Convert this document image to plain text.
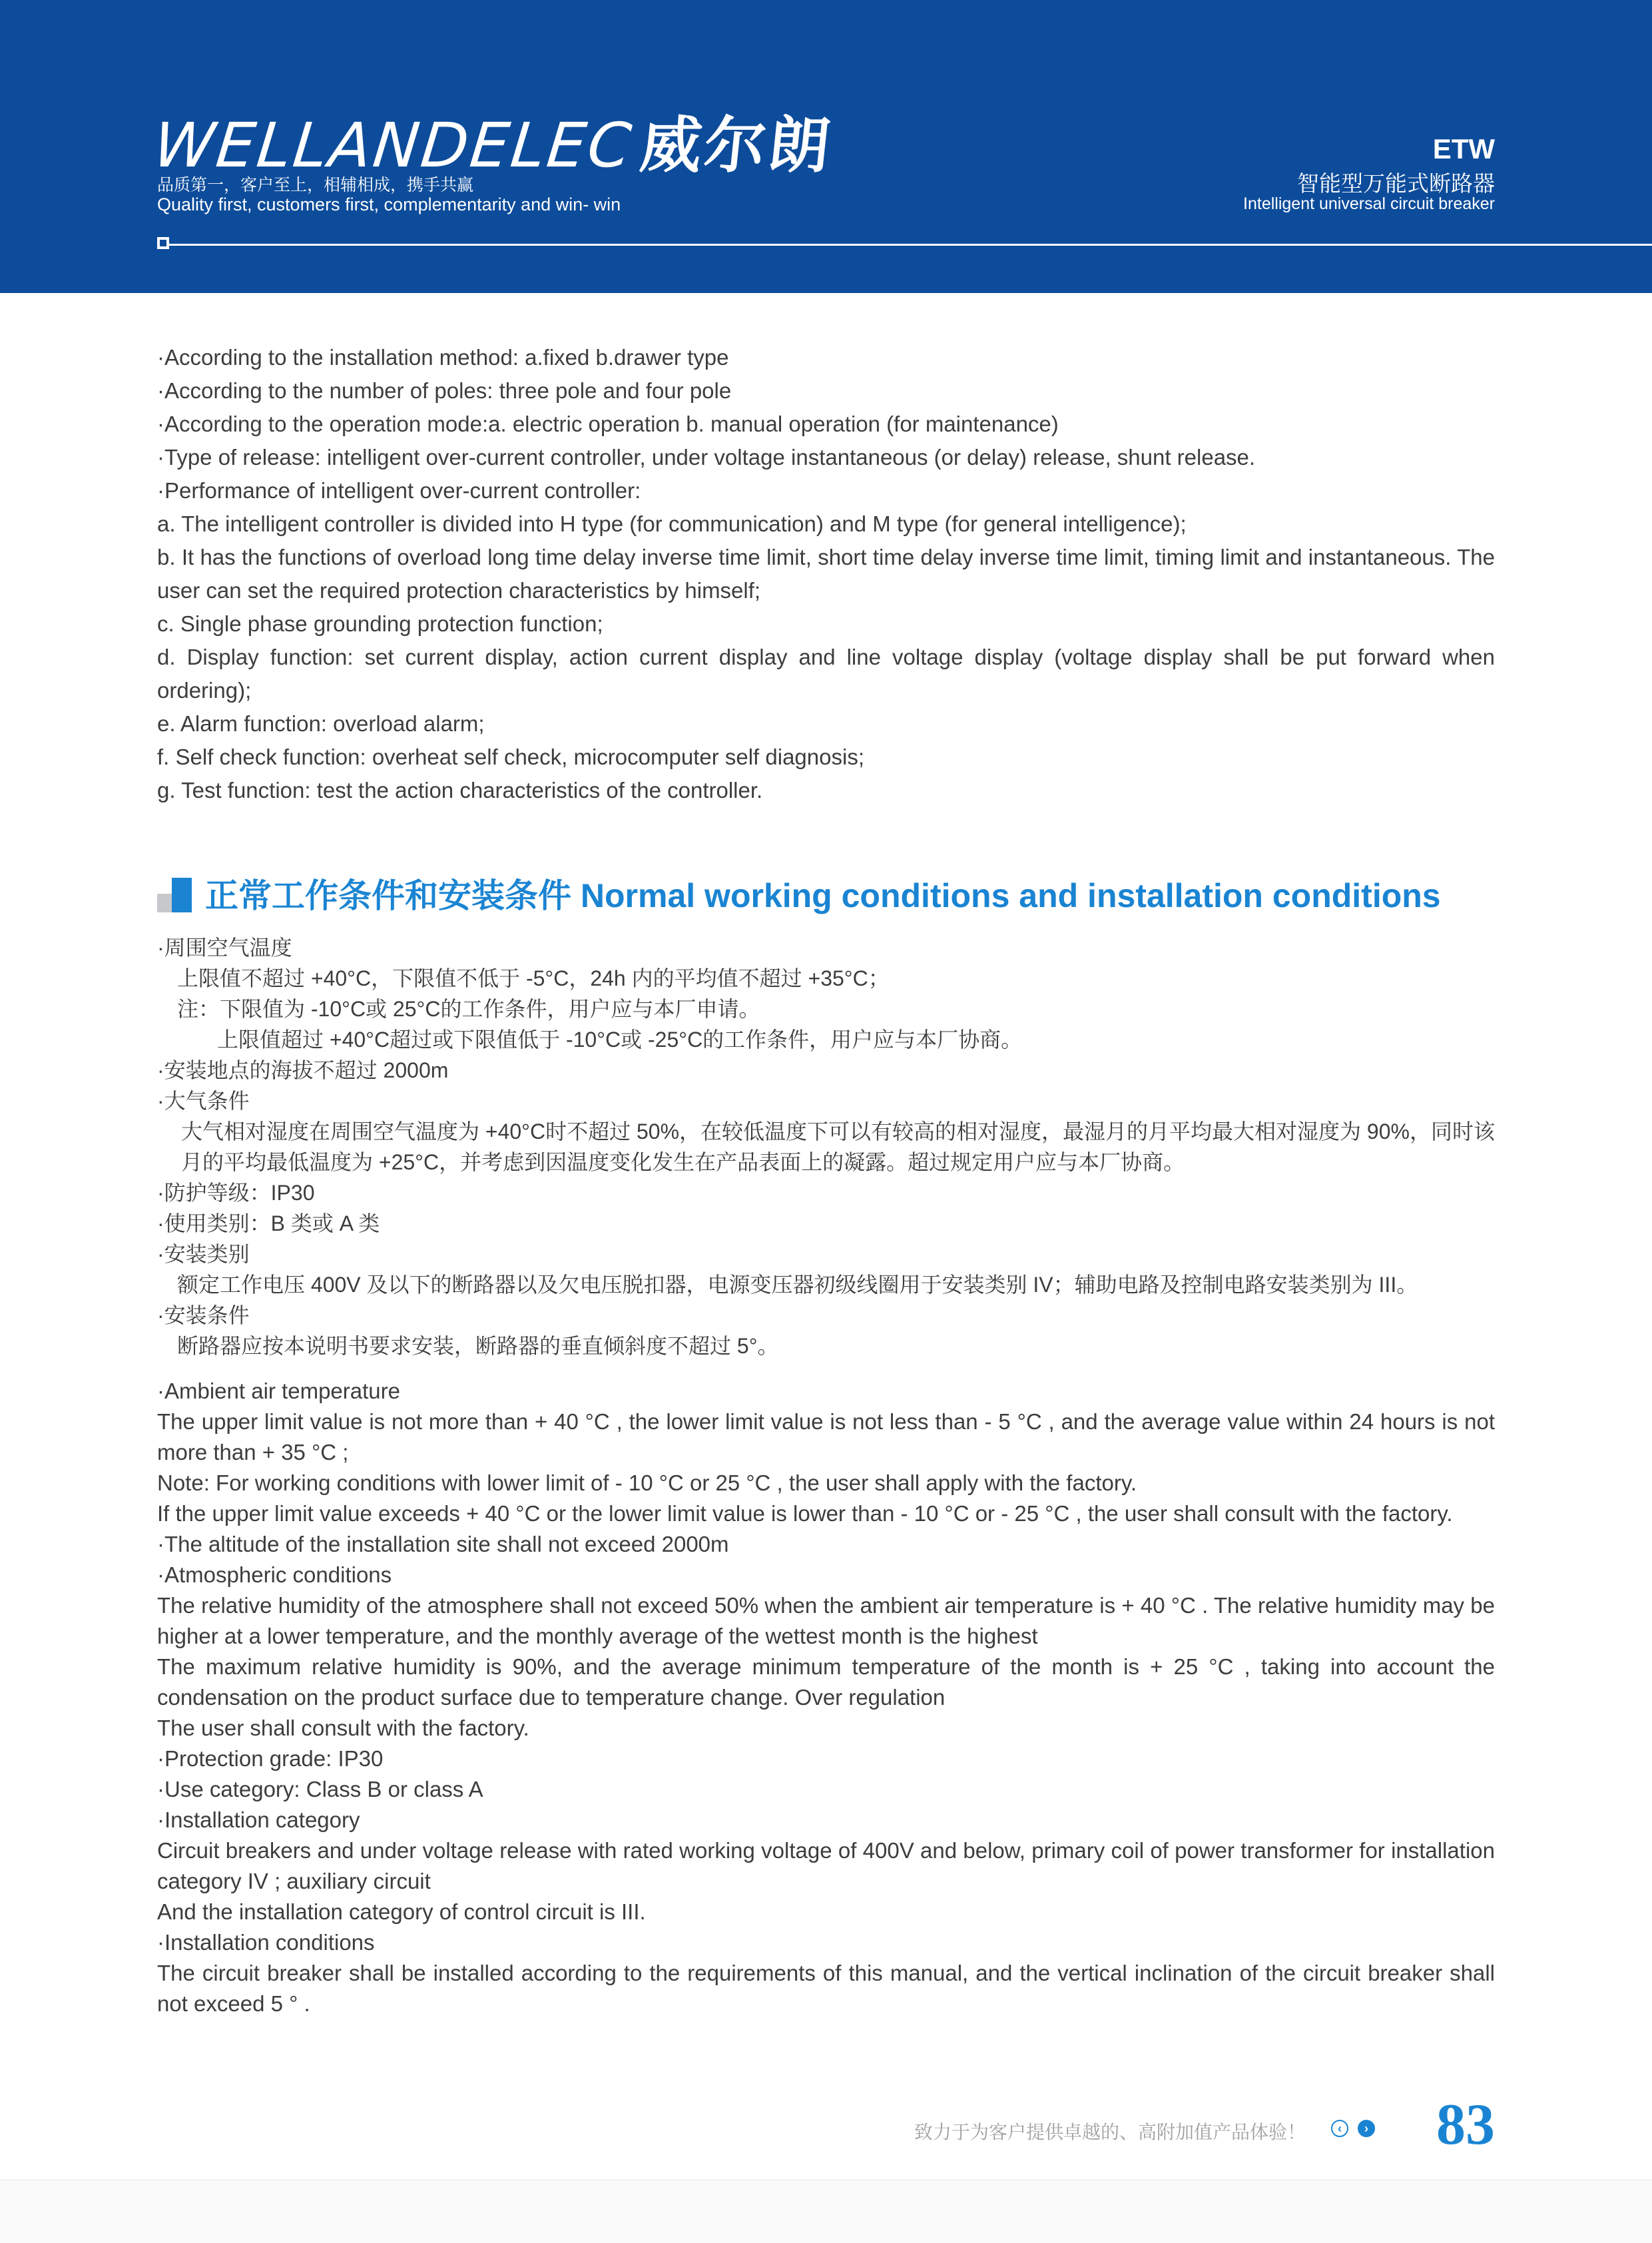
WELLANDELEC威尔朗
品质第一，客户至上，相辅相成，携手共赢
Quality first, customers first, complementarity and win- win
ETW
智能型万能式断路器
Intelligent universal circuit breaker
·According to the installation method: a.fixed b.drawer type
·According to the number of poles: three pole and four pole
·According to the operation mode:a. electric operation b. manual operation (for maintenance)
·Type of release: intelligent over-current controller, under voltage instantaneous (or delay) release, shunt release.
·Performance of intelligent over-current controller:
a. The intelligent controller is divided into H type (for communication) and M type (for general intelligence);
b. It has the functions of overload long time delay inverse time limit, short time delay inverse time limit, timing limit and instantaneous. The user can set the required protection characteristics by himself;
c. Single phase grounding protection function;
d. Display function: set current display, action current display and line voltage display (voltage display shall be put forward when ordering);
e. Alarm function: overload alarm;
f. Self check function: overheat self check, microcomputer self diagnosis;
g. Test function: test the action characteristics of the controller.
正常工作条件和安装条件 Normal working conditions and installation conditions
·周围空气温度
上限值不超过 +40°C，下限值不低于 -5°C，24h 内的平均值不超过 +35°C；
注：下限值为 -10°C或 25°C的工作条件，用户应与本厂申请。
上限值超过 +40°C超过或下限值低于 -10°C或 -25°C的工作条件，用户应与本厂协商。
·安装地点的海拔不超过 2000m
·大气条件
大气相对湿度在周围空气温度为 +40°C时不超过 50%，在较低温度下可以有较高的相对湿度，最湿月的月平均最大相对湿度为 90%，同时该月的平均最低温度为 +25°C，并考虑到因温度变化发生在产品表面上的凝露。超过规定用户应与本厂协商。
·防护等级：IP30
·使用类别：B 类或 A 类
·安装类别
额定工作电压 400V 及以下的断路器以及欠电压脱扣器，电源变压器初级线圈用于安装类别 IV；辅助电路及控制电路安装类别为 III。
·安装条件
断路器应按本说明书要求安装，断路器的垂直倾斜度不超过 5°。
·Ambient air temperature
The upper limit value is not more than + 40 °C , the lower limit value is not less than - 5 °C , and the average value within 24 hours is not more than + 35 °C ;
Note: For working conditions with lower limit of - 10 °C or 25 °C , the user shall apply with the factory.
If the upper limit value exceeds + 40 °C or the lower limit value is lower than - 10 °C or - 25 °C , the user shall consult with the factory.
·The altitude of the installation site shall not exceed 2000m
·Atmospheric conditions
The relative humidity of the atmosphere shall not exceed 50% when the ambient air temperature is + 40 °C . The relative humidity may be higher at a lower temperature, and the monthly average of the wettest month is the highest
The maximum relative humidity is 90%, and the average minimum temperature of the month is + 25 °C , taking into account the condensation on the product surface due to temperature change. Over regulation
The user shall consult with the factory.
·Protection grade: IP30
·Use category: Class B or class A
·Installation category
Circuit breakers and under voltage release with rated working voltage of 400V and below, primary coil of power transformer for installation category IV ; auxiliary circuit
And the installation category of control circuit is III.
·Installation conditions
The circuit breaker shall be installed according to the requirements of this manual, and the vertical inclination of the circuit breaker shall not exceed 5 ° .
致力于为客户提供卓越的、高附加值产品体验！	‹	› 83
